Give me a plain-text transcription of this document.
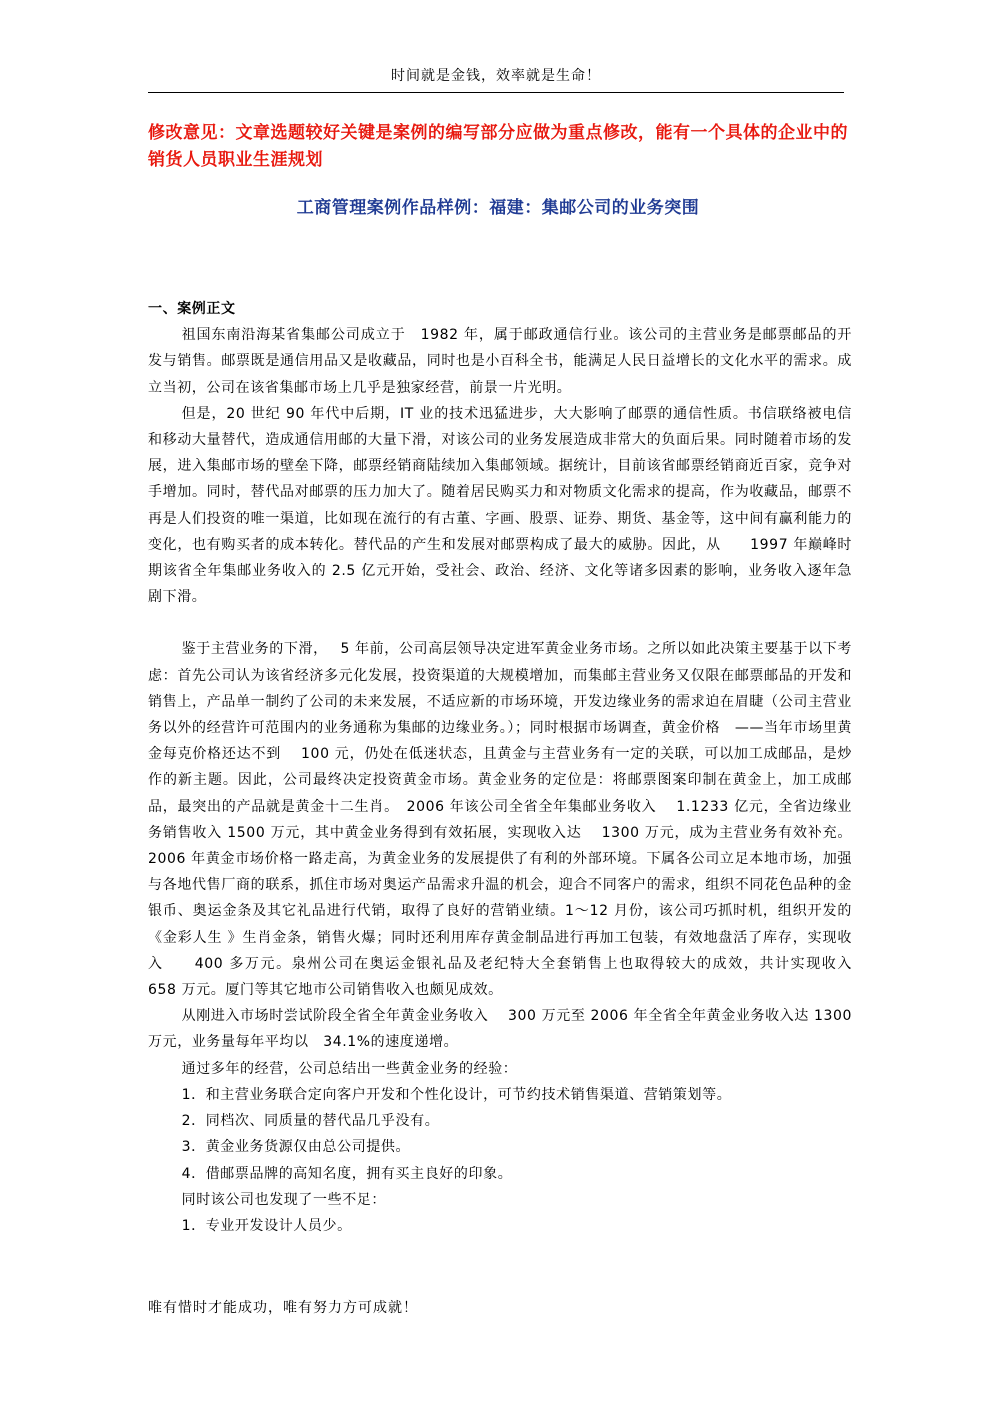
时间就是金钱，效率就是生命！
修改意见：文章选题较好关键是案例的编写部分应做为重点修改，能有一个具体的企业中的销货人员职业生涯规划
工商管理案例作品样例：福建：集邮公司的业务突围

一、案例正文

祖国东南沿海某省集邮公司成立于　1982 年，属于邮政通信行业。该公司的主营业务是邮票邮品的开发与销售。邮票既是通信用品又是收藏品，同时也是小百科全书，能满足人民日益增长的文化水平的需求。成立当初，公司在该省集邮市场上几乎是独家经营，前景一片光明。

但是，20 世纪 90 年代中后期，IT 业的技术迅猛进步，大大影响了邮票的通信性质。书信联络被电信和移动大量替代，造成通信用邮的大量下滑，对该公司的业务发展造成非常大的负面后果。同时随着市场的发展，进入集邮市场的壁垒下降，邮票经销商陆续加入集邮领域。据统计，目前该省邮票经销商近百家，竞争对手增加。同时，替代品对邮票的压力加大了。随着居民购买力和对物质文化需求的提高，作为收藏品，邮票不再是人们投资的唯一渠道，比如现在流行的有古董、字画、股票、证券、期货、基金等，这中间有赢利能力的变化，也有购买者的成本转化。替代品的产生和发展对邮票构成了最大的威胁。因此，从　　1997 年巅峰时期该省全年集邮业务收入的 2.5 亿元开始，受社会、政治、经济、文化等诸多因素的影响，业务收入逐年急剧下滑。

鉴于主营业务的下滑，　 5 年前，公司高层领导决定进军黄金业务市场。之所以如此决策主要基于以下考虑：首先公司认为该省经济多元化发展，投资渠道的大规模增加，而集邮主营业务又仅限在邮票邮品的开发和销售上，产品单一制约了公司的未来发展，不适应新的市场环境，开发边缘业务的需求迫在眉睫（公司主营业务以外的经营许可范围内的业务通称为集邮的边缘业务。）；同时根据市场调查，黄金价格　——当年市场里黄金每克价格还达不到　 100 元，仍处在低迷状态，且黄金与主营业务有一定的关联，可以加工成邮品，是炒作的新主题。因此，公司最终决定投资黄金市场。黄金业务的定位是：将邮票图案印制在黄金上，加工成邮品，最突出的产品就是黄金十二生肖。　2006 年该公司全省全年集邮业务收入　 1.1233 亿元，全省边缘业务销售收入 1500 万元，其中黄金业务得到有效拓展，实现收入达　 1300 万元，成为主营业务有效补充。2006 年黄金市场价格一路走高，为黄金业务的发展提供了有利的外部环境。下属各公司立足本地市场，加强与各地代售厂商的联系，抓住市场对奥运产品需求升温的机会，迎合不同客户的需求，组织不同花色品种的金银币、奥运金条及其它礼品进行代销，取得了良好的营销业绩。1～12 月份，该公司巧抓时机，组织开发的　《金彩人生 》生肖金条，销售火爆；同时还利用库存黄金制品进行再加工包装，有效地盘活了库存，实现收入　　400 多万元。泉州公司在奥运金银礼品及老纪特大全套销售上也取得较大的成效，共计实现收入　　 658 万元。厦门等其它地市公司销售收入也颇见成效。

从刚进入市场时尝试阶段全省全年黄金业务收入　 300 万元至 2006 年全省全年黄金业务收入达 1300 万元，业务量每年平均以　34.1%的速度递增。

通过多年的经营，公司总结出一些黄金业务的经验：

1．和主营业务联合定向客户开发和个性化设计，可节约技术销售渠道、营销策划等。

2．同档次、同质量的替代品几乎没有。

3．黄金业务货源仅由总公司提供。

4．借邮票品牌的高知名度，拥有买主良好的印象。

同时该公司也发现了一些不足：

1．专业开发设计人员少。

唯有惜时才能成功，唯有努力方可成就！
